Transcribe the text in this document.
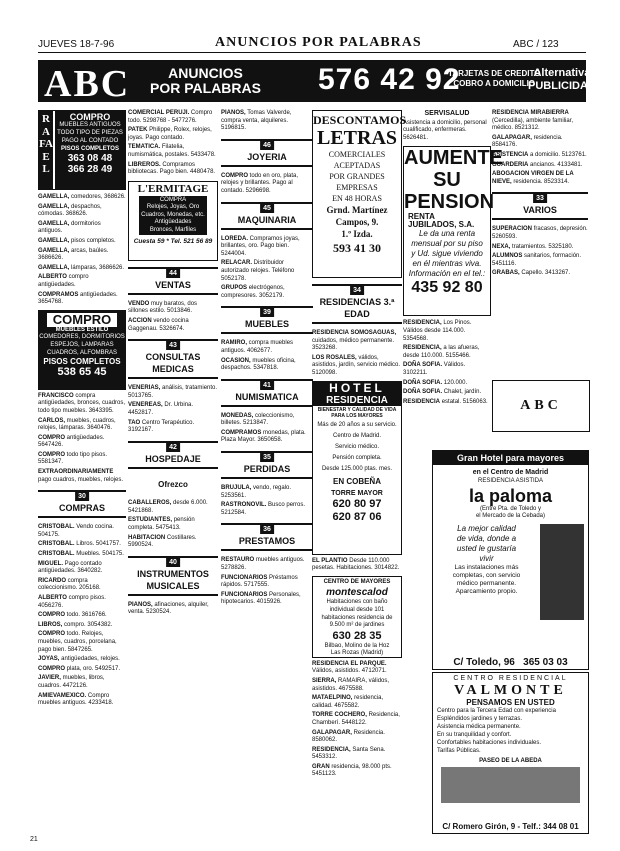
JUEVES 18-7-96	ANUNCIOS POR PALABRAS	ABC / 123
ABC	ANUNCIOS
POR PALABRAS 576 42 92
TARJETAS DE CREDITO
COBRO A DOMICILIO
Alternativa
PUBLICIDAD
RAFAEL
COMPRO
MUEBLES ANTIGUOS
TODO TIPO DE PIEZAS
PAGO AL CONTADO
PISOS COMPLETOS
363 08 48
366 28 49
GAMELLA, comedores, 368626.
GAMELLA, despachos, cómodas. 368626.
GAMELLA, dormitorios antiguos.
GAMELLA, pisos completos.
GAMELLA, arcas, baúles. 3686626.
GAMELLA, lámparas, 3686626.
ALBERTO compro antigüedades.
COMPRAMOS antigüedades. 3654768.
COMPRO
MUEBLES ESTILO
COMEDORES, DORMITORIOS
ESPEJOS, LAMPARAS
CUADROS, ALFOMBRAS
PISOS COMPLETOS
538 65 45
FRANCISCO compra antigüedades, bronces, cuadros, todo tipo muebles. 3643395.
CARLOS, muebles, cuadros, relojes, lámparas. 3640476.
COMPRO antigüedades. 5647426.
COMPRO todo tipo pisos. 5581347.
EXTRAORDINARIAMENTE pago cuadros, muebles, relojes.
30
COMPRAS
CRISTOBAL. Vendo cocina. 504175.
CRISTOBAL. Libros. 5041757.
CRISTOBAL. Muebles. 504175.
MIGUEL. Pago contado antigüedades. 3640282.
RICARDO compra coleccionismo. 205168.
ALBERTO compro pisos. 4056276.
COMPRO todo. 3616766.
LIBROS, compro. 3054382.
COMPRO todo. Relojes, muebles, cuadros, porcelana, pago bien. 5847265.
JOYAS, antigüedades, relojes.
COMPRO plata, oro. 5492517.
JAVIER, muebles, libros, cuadros. 4472126.
AMIEVAMEXICO. Compro muebles antiguos. 4233418.
COMERCIAL PERUJI. Compro todo. 5298768 - 5477276.
PATEK Philippe, Rolex, relojes, joyas. Pago contado.
TEMATICA. Filatelia, numismática, postales. 5433478.
LIBREROS. Compramos bibliotecas. Pago bien. 4480478.
L'ERMITAGE
COMPRA
Relojes, Joyas, Oro
Cuadros, Monedas, etc.
Antigüedades
Bronces, Marfiles
Cuesta 59 * Tel. 521 56 89
44
VENTAS
VENDO muy baratos, dos sillones estilo. 5013846.
ACCION vendo cocina Gaggenau. 5326674.
43
CONSULTAS MEDICAS
VENERIAS, análisis, tratamiento. 5013765.
VENEREAS, Dr. Urbina. 4452817.
TAO Centro Terapéutico. 3192167.
42
HOSPEDAJE
Ofrezco
CABALLEROS, desde 6.000. 5421868.
ESTUDIANTES, pensión completa. 5475413.
HABITACION Costillares. 5990524.
40
INSTRUMENTOS MUSICALES
PIANOS, afinaciones, alquiler, venta. 5230524.
PIANOS, Tomas Valverde, compra venta, alquileres. 5196815.
46
JOYERIA
COMPRO todo en oro, plata, relojes y brillantes. Pago al contado. 5296698.
45
MAQUINARIA
LOREDA. Compramos joyas, brillantes, oro. Pago bien. 5244004.
RELACAR. Distribuidor autorizado relojes. Teléfono 5052178.
GRUPOS electrógenos, compresores. 3052179.
39
MUEBLES
RAMIRO, compra muebles antiguos. 4062677.
OCASION, muebles oficina, despachos. 5347818.
41
NUMISMATICA
MONEDAS, coleccionismo, billetes. 5213847.
COMPRAMOS monedas, plata. Plaza Mayor. 3650658.
35
PERDIDAS
BRUJULA, vendo, regalo. 5253561.
RASTRONOVIL. Busco perros. 5212584.
36
PRESTAMOS
RESTAURO muebles antiguos. 5278826.
FUNCIONARIOS Préstamos rápidos. 5717555.
FUNCIONARIOS Personales, hipotecarios. 4015926.
DESCONTAMOS
LETRAS
COMERCIALES
ACEPTADAS
POR GRANDES
EMPRESAS
EN 48 HORAS
Grnd. Martínez
Campos, 9.
1.º Izda.
593 41 30
34
RESIDENCIAS 3.ª EDAD
RESIDENCIA SOMOSAGUAS, cuidados, médico permanente. 3523268.
LOS ROSALES, válidos, asistidos, jardín, servicio médico. 5120098.
HOTEL
RESIDENCIA
BIENESTAR Y CALIDAD DE VIDA PARA LOS MAYORES
Más de 20 años a su servicio.
Centro de Madrid.
Servicio médico.
Pensión completa.
Desde 125.000 ptas. mes.
EN COBEÑA
TORRE MAYOR
620 80 97
620 87 06
EL PLANTIO Desde 110.000 pesetas. Habitaciones. 3014822.
CENTRO DE MAYORES
montescalod
Habitaciones con baño individual desde 101
habitaciones residencia de 9.500 m² de jardines
630 28 35
Bilbao, Molino de la Hoz
Las Rozas (Madrid)
RESIDENCIA EL PARQUE. Válidos, asistidos. 4712071.
SIERRA, RAMAIRA, válidos, asistidos. 4675588.
MATAELPINO, residencia, calidad. 4675582.
TORRE COCHERO, Residencia, Chamberí. 5448122.
GALAPAGAR, Residencia. 8580062.
RESIDENCIA, Santa Sena. 5453312.
GRAN residencia, 98.000 pts. 5451123.
SERVISALUD
Asistencia a domicilio, personal cualificado, enfermeras. 5626481.
AUMENTE
SU
PENSION
RENTA
JUBILADOS, S.A.
Le da una renta
mensual por su piso
y Ud. sigue viviendo
en él mientras viva.
Información en el tel.:
435 92 80
RESIDENCIA, Los Pinos. Válidos desde 114.000. 5354568.
RESIDENCIA, a las afueras, desde 110.000. 5155466.
DOÑA SOFIA. Válidos. 3102211.
DOÑA SOFIA. 120.000.
DOÑA SOFIA. Chalet, jardín.
RESIDENCIA estatal. 5156063.
RESIDENCIA MIRABIERRA (Cercedilla), ambiente familiar, médico. 8521312.
GALAPAGAR, residencia. 8584176.
ASISTENCIA a domicilio. 5123761.
GUARDERIA ancianos. 4133481.
ABOGACION VIRGEN DE LA NIEVE, residencia. 8523314.
33
VARIOS
SUPERACION fracasos, depresión. 5260593.
NEXA, tratamientos. 5325180.
ALUMNOS sanitarios, formación. 5451116.
GRABAS, Capello. 3413267.
ABC
Gran Hotel para mayores
en el Centro de Madrid
RESIDENCIA ASISTIDA
la paloma
(Entre Pta. de Toledo y
el Mercado de la Cebada)
La mejor calidad
de vida, donde a
usted le gustaría
vivir
Las instalaciones más
completas, con servicio
médico permanente.
Aparcamiento propio.
C/ Toledo, 96 365 03 03
CENTRO RESIDENCIAL
VALMONTE
PENSAMOS EN USTED
Centro para la Tercera Edad con experiencia
Espléndidos jardines y terrazas.
Asistencia médica permanente.
En su tranquilidad y confort.
Confortables habitaciones individuales.
Tarifas Públicas.
PASEO DE LA ABEDA
C/ Romero Girón, 9 - Telf.: 344 08 01
21
